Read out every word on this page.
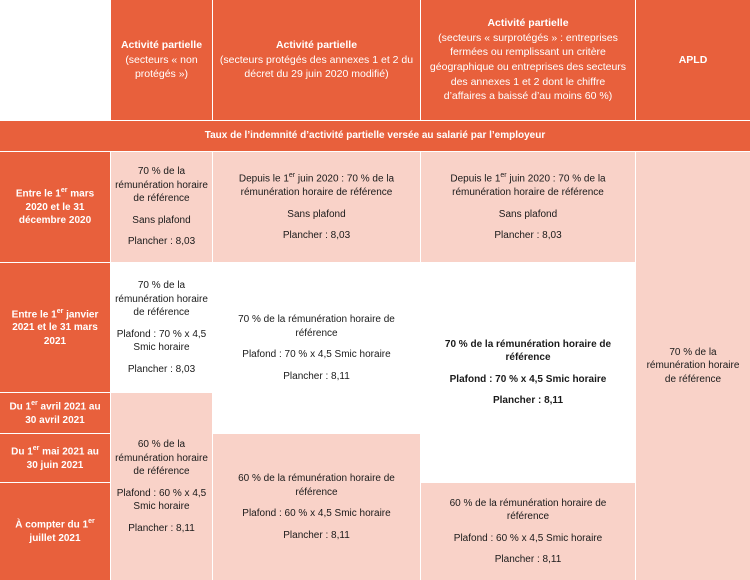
Activité partielle
(secteurs « non protégés »)
Activité partielle
(secteurs protégés des annexes 1 et 2 du décret du 29 juin 2020 modifié)
Activité partielle
(secteurs « surprotégés » : entreprises fermées ou remplissant un critère géographique ou entreprises des secteurs des annexes 1 et 2 dont le chiffre d’affaires a baissé d’au moins 60 %)
APLD
Taux de l’indemnité d’activité partielle versée au salarié par l’employeur
Entre le 1er mars 2020 et le 31 décembre 2020
Entre le 1er janvier 2021 et le 31 mars 2021
Du 1er avril 2021 au 30 avril 2021
Du 1er mai 2021 au 30 juin 2021
À compter du 1er juillet 2021

70 % de la rémunération horaire de référence

Sans plafond

Plancher : 8,03

Depuis le 1er juin 2020 : 70 % de la rémunération horaire de référence

Sans plafond

Plancher : 8,03

Depuis le 1er juin 2020 : 70 % de la rémunération horaire de référence

Sans plafond

Plancher : 8,03

70 % de la rémunération horaire de référence

Plafond : 70 % x 4,5 Smic horaire

Plancher : 8,03

70 % de la rémunération horaire de référence

Plafond : 70 % x 4,5 Smic horaire

Plancher : 8,11

70 % de la rémunération horaire de référence

Plafond : 70 % x 4,5 Smic horaire

Plancher : 8,11

60 % de la rémunération horaire de référence

Plafond : 60 % x 4,5 Smic horaire

Plancher : 8,11

60 % de la rémunération horaire de référence

Plafond : 60 % x 4,5 Smic horaire

Plancher : 8,11

60 % de la rémunération horaire de référence

Plafond : 60 % x 4,5 Smic horaire

Plancher : 8,11

70 % de la rémunération horaire de référence
